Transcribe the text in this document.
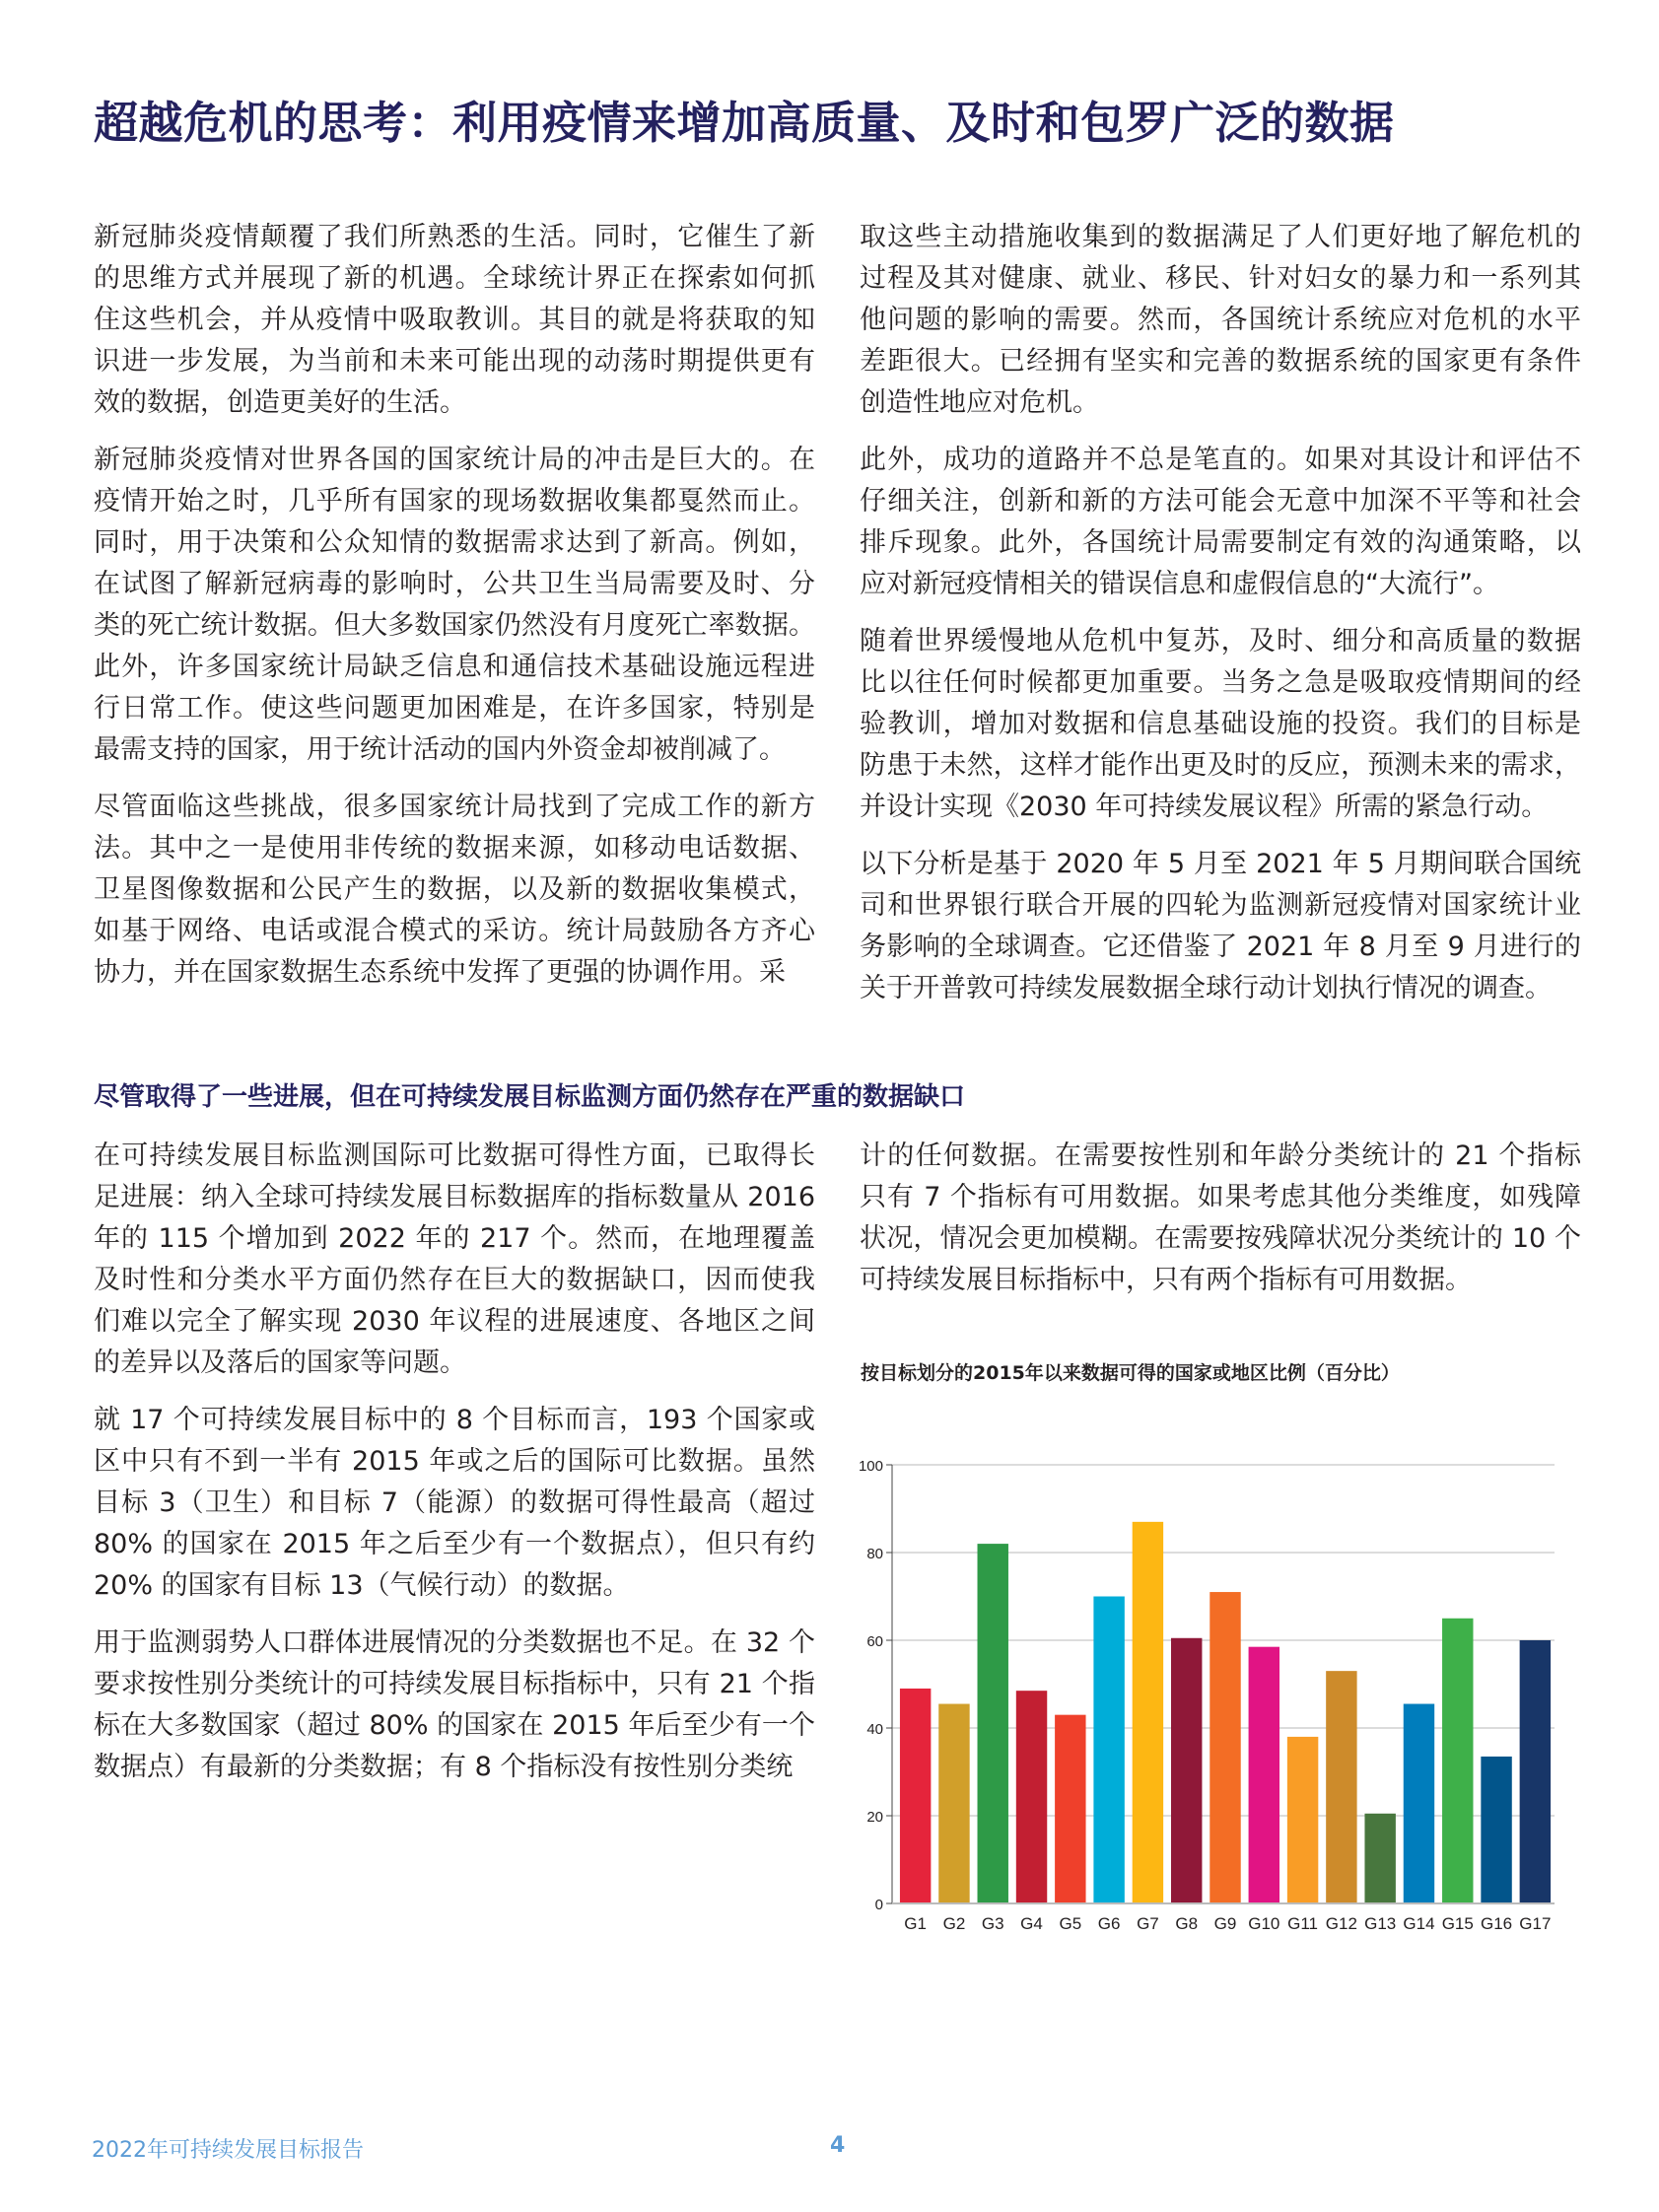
超越危机的思考：利用疫情来增加高质量、及时和包罗广泛的数据
新冠肺炎疫情颠覆了我们所熟悉的生活。同时，它催生了新
的思维方式并展现了新的机遇。全球统计界正在探索如何抓
住这些机会，并从疫情中吸取教训。其目的就是将获取的知
识进一步发展，为当前和未来可能出现的动荡时期提供更有
效的数据，创造更美好的生活。
新冠肺炎疫情对世界各国的国家统计局的冲击是巨大的。在
疫情开始之时，几乎所有国家的现场数据收集都戛然而止。
同时，用于决策和公众知情的数据需求达到了新高。例如，
在试图了解新冠病毒的影响时，公共卫生当局需要及时、分
类的死亡统计数据。但大多数国家仍然没有月度死亡率数据。
此外，许多国家统计局缺乏信息和通信技术基础设施远程进
行日常工作。使这些问题更加困难是，在许多国家，特别是
最需支持的国家，用于统计活动的国内外资金却被削减了。
尽管面临这些挑战，很多国家统计局找到了完成工作的新方
法。其中之一是使用非传统的数据来源，如移动电话数据、
卫星图像数据和公民产生的数据，以及新的数据收集模式，
如基于网络、电话或混合模式的采访。统计局鼓励各方齐心
协力，并在国家数据生态系统中发挥了更强的协调作用。采
取这些主动措施收集到的数据满足了人们更好地了解危机的
过程及其对健康、就业、移民、针对妇女的暴力和一系列其
他问题的影响的需要。然而，各国统计系统应对危机的水平
差距很大。已经拥有坚实和完善的数据系统的国家更有条件
创造性地应对危机。
此外，成功的道路并不总是笔直的。如果对其设计和评估不
仔细关注，创新和新的方法可能会无意中加深不平等和社会
排斥现象。此外，各国统计局需要制定有效的沟通策略，以
应对新冠疫情相关的错误信息和虚假信息的“大流行”。
随着世界缓慢地从危机中复苏，及时、细分和高质量的数据
比以往任何时候都更加重要。当务之急是吸取疫情期间的经
验教训，增加对数据和信息基础设施的投资。我们的目标是
防患于未然，这样才能作出更及时的反应，预测未来的需求，
并设计实现《2030 年可持续发展议程》所需的紧急行动。
以下分析是基于 2020 年 5 月至 2021 年 5 月期间联合国统
司和世界银行联合开展的四轮为监测新冠疫情对国家统计业
务影响的全球调查。它还借鉴了 2021 年 8 月至 9 月进行的
关于开普敦可持续发展数据全球行动计划执行情况的调查。
尽管取得了一些进展，但在可持续发展目标监测方面仍然存在严重的数据缺口
在可持续发展目标监测国际可比数据可得性方面，已取得长
足进展：纳入全球可持续发展目标数据库的指标数量从 2016
年的 115 个增加到 2022 年的 217 个。然而，在地理覆盖
及时性和分类水平方面仍然存在巨大的数据缺口，因而使我
们难以完全了解实现 2030 年议程的进展速度、各地区之间
的差异以及落后的国家等问题。
就 17 个可持续发展目标中的 8 个目标而言，193 个国家或
区中只有不到一半有 2015 年或之后的国际可比数据。虽然
目标 3（卫生）和目标 7（能源）的数据可得性最高（超过
80% 的国家在 2015 年之后至少有一个数据点），但只有约
20% 的国家有目标 13（气候行动）的数据。
用于监测弱势人口群体进展情况的分类数据也不足。在 32 个
要求按性别分类统计的可持续发展目标指标中，只有 21 个指
标在大多数国家（超过 80% 的国家在 2015 年后至少有一个
数据点）有最新的分类数据；有 8 个指标没有按性别分类统
计的任何数据。在需要按性别和年龄分类统计的 21 个指标
只有 7 个指标有可用数据。如果考虑其他分类维度，如残障
状况，情况会更加模糊。在需要按残障状况分类统计的 10 个
可持续发展目标指标中，只有两个指标有可用数据。
按目标划分的2015年以来数据可得的国家或地区比例（百分比）
0
20
40
60
80
100
G1 G2 G3 G4 G5 G6 G7 G8 G9 G10 G11 G12 G13 G14 G15 G16 G17
2022年可持续发展目标报告	4
